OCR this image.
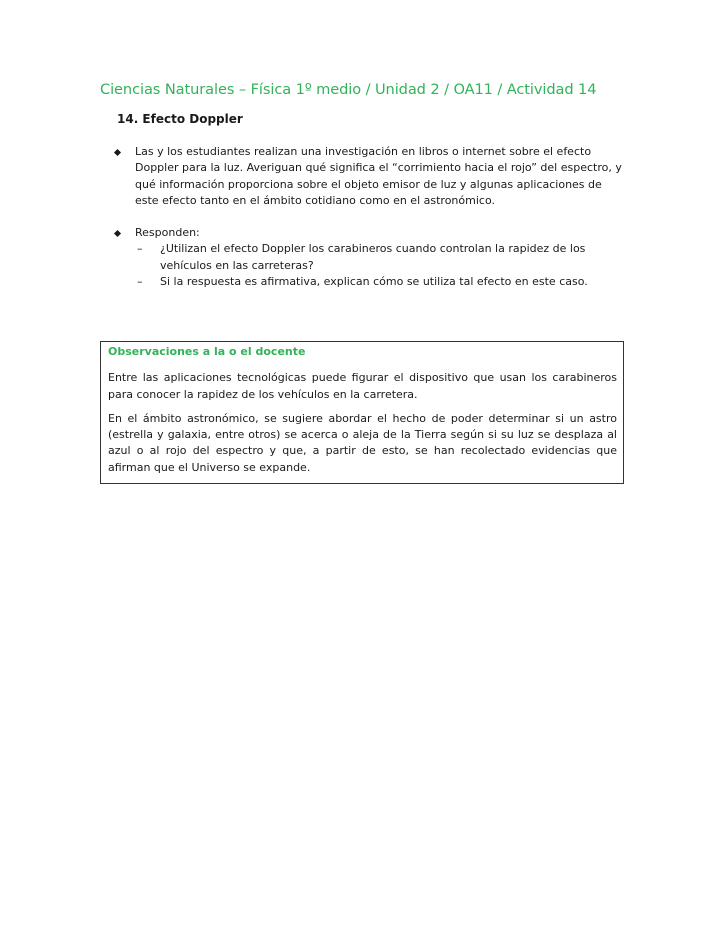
Ciencias Naturales – Física 1º medio / Unidad 2 / OA11 / Actividad 14
14. Efecto Doppler
Las y los estudiantes realizan una investigación en libros o internet sobre el efecto Doppler para la luz. Averiguan qué significa el “corrimiento hacia el rojo” del espectro, y qué información proporciona sobre el objeto emisor de luz y algunas aplicaciones de este efecto tanto en el ámbito cotidiano como en el astronómico.
Responden:
– ¿Utilizan el efecto Doppler los carabineros cuando controlan la rapidez de los vehículos en las carreteras?
– Si la respuesta es afirmativa, explican cómo se utiliza tal efecto en este caso.

Observaciones a la o el docente

Entre las aplicaciones tecnológicas puede figurar el dispositivo que usan los carabineros para conocer la rapidez de los vehículos en la carretera.

En el ámbito astronómico, se sugiere abordar el hecho de poder determinar si un astro (estrella y galaxia, entre otros) se acerca o aleja de la Tierra según si su luz se desplaza al azul o al rojo del espectro y que, a partir de esto, se han recolectado evidencias que afirman que el Universo se expande.
